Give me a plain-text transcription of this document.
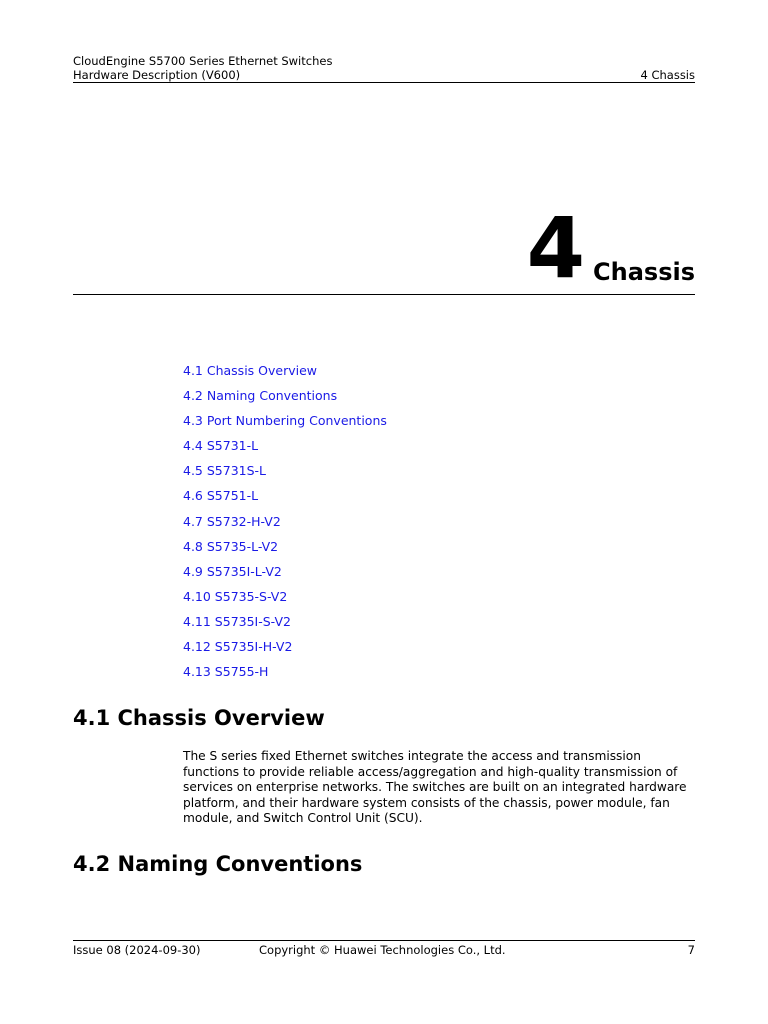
CloudEngine S5700 Series Ethernet Switches
Hardware Description (V600)	4 Chassis
4 Chassis
4.1 Chassis Overview
4.2 Naming Conventions
4.3 Port Numbering Conventions
4.4 S5731-L
4.5 S5731S-L
4.6 S5751-L
4.7 S5732-H-V2
4.8 S5735-L-V2
4.9 S5735I-L-V2
4.10 S5735-S-V2
4.11 S5735I-S-V2
4.12 S5735I-H-V2
4.13 S5755-H
4.1 Chassis Overview

The S series fixed Ethernet switches integrate the access and transmission functions to provide reliable access/aggregation and high-quality transmission of services on enterprise networks. The switches are built on an integrated hardware platform, and their hardware system consists of the chassis, power module, fan module, and Switch Control Unit (SCU).

4.2 Naming Conventions
Issue 08 (2024-09-30)	Copyright © Huawei Technologies Co., Ltd.	7
